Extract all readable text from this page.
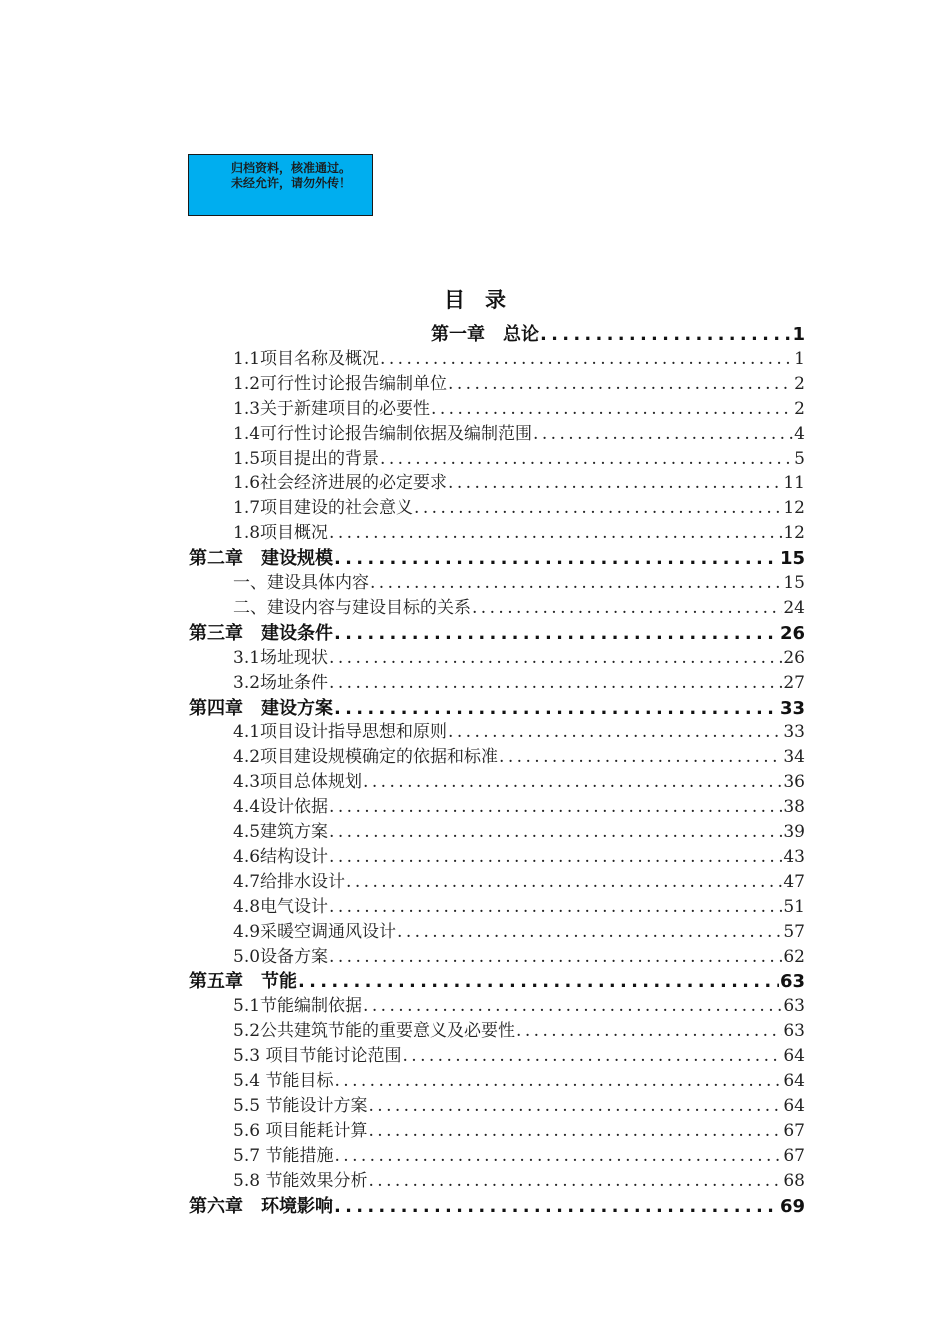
归档资料，核准通过。
未经允许，请勿外传！
目录
第一章　总论 . . .	1
1.1项目名称及概况 . . .	1
1.2可行性讨论报告编制单位 . . .	2
1.3关于新建项目的必要性 . . .	2
1.4可行性讨论报告编制依据及编制范围 . . .	4
1.5项目提出的背景 . . .	5
1.6社会经济进展的必定要求 . . .	11
1.7项目建设的社会意义 . . .	12
1.8项目概况 . . .	12
第二章　建设规模 . . .	15
一、建设具体内容 . . .	15
二、建设内容与建设目标的关系 . . .	24
第三章　建设条件 . . .	26
3.1场址现状 . . .	26
3.2场址条件 . . .	27
第四章　建设方案 . . .	33
4.1项目设计指导思想和原则 . . .	33
4.2项目建设规模确定的依据和标准 . . .	34
4.3项目总体规划 . . .	36
4.4设计依据 . . .	38
4.5建筑方案 . . .	39
4.6结构设计 . . .	43
4.7给排水设计 . . .	47
4.8电气设计 . . .	51
4.9采暖空调通风设计 . . .	57
5.0设备方案 . . .	62
第五章　节能 . . .	63
5.1节能编制依据 . . .	63
5.2公共建筑节能的重要意义及必要性 . . .	63
5.3 项目节能讨论范围 . . .	64
5.4 节能目标 . . .	64
5.5 节能设计方案 . . .	64
5.6 项目能耗计算 . . .	67
5.7 节能措施 . . .	67
5.8 节能效果分析 . . .	68
第六章　环境影响 . . .	69
